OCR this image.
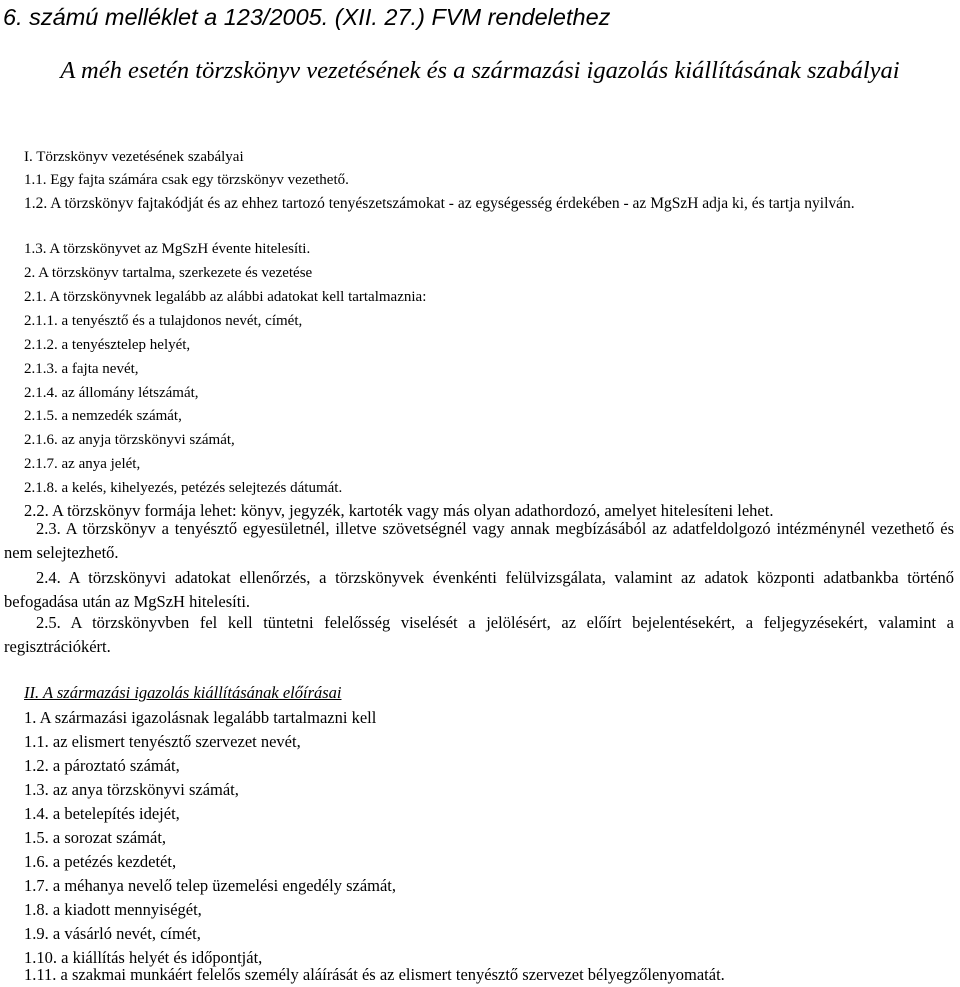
6. számú melléklet a 123/2005. (XII. 27.) FVM rendelethez
A méh esetén törzskönyv vezetésének és a származási igazolás kiállításának szabályai
I. Törzskönyv vezetésének szabályai
1.1. Egy fajta számára csak egy törzskönyv vezethető.
1.2. A törzskönyv fajtakódját és az ehhez tartozó tenyészetszámokat - az egységesség érdekében - az MgSzH adja ki, és tartja nyilván.
1.3. A törzskönyvet az MgSzH évente hitelesíti.
2. A törzskönyv tartalma, szerkezete és vezetése
2.1. A törzskönyvnek legalább az alábbi adatokat kell tartalmaznia:
2.1.1. a tenyésztő és a tulajdonos nevét, címét,
2.1.2. a tenyésztelep helyét,
2.1.3. a fajta nevét,
2.1.4. az állomány létszámát,
2.1.5. a nemzedék számát,
2.1.6. az anyja törzskönyvi számát,
2.1.7. az anya jelét,
2.1.8. a kelés, kihelyezés, petézés selejtezés dátumát.
2.2. A törzskönyv formája lehet: könyv, jegyzék, kartoték vagy más olyan adathordozó, amelyet hitelesíteni lehet.
2.3. A törzskönyv a tenyésztő egyesületnél, illetve szövetségnél vagy annak megbízásából az adatfeldolgozó intézménynél vezethető és nem selejtezhető.
2.4. A törzskönyvi adatokat ellenőrzés, a törzskönyvek évenkénti felülvizsgálata, valamint az adatok központi adatbankba történő befogadása után az MgSzH hitelesíti.
2.5. A törzskönyvben fel kell tüntetni felelősség viselését a jelölésért, az előírt bejelentésekért, a feljegyzésekért, valamint a regisztrációkért.
II. A származási igazolás kiállításának előírásai
1. A származási igazolásnak legalább tartalmazni kell
1.1. az elismert tenyésztő szervezet nevét,
1.2. a pároztató számát,
1.3. az anya törzskönyvi számát,
1.4. a betelepítés idejét,
1.5. a sorozat számát,
1.6. a petézés kezdetét,
1.7. a méhanya nevelő telep üzemelési engedély számát,
1.8. a kiadott mennyiségét,
1.9. a vásárló nevét, címét,
1.10. a kiállítás helyét és időpontját,
1.11. a szakmai munkáért felelős személy aláírását és az elismert tenyésztő szervezet bélyegzőlenyomatát.
